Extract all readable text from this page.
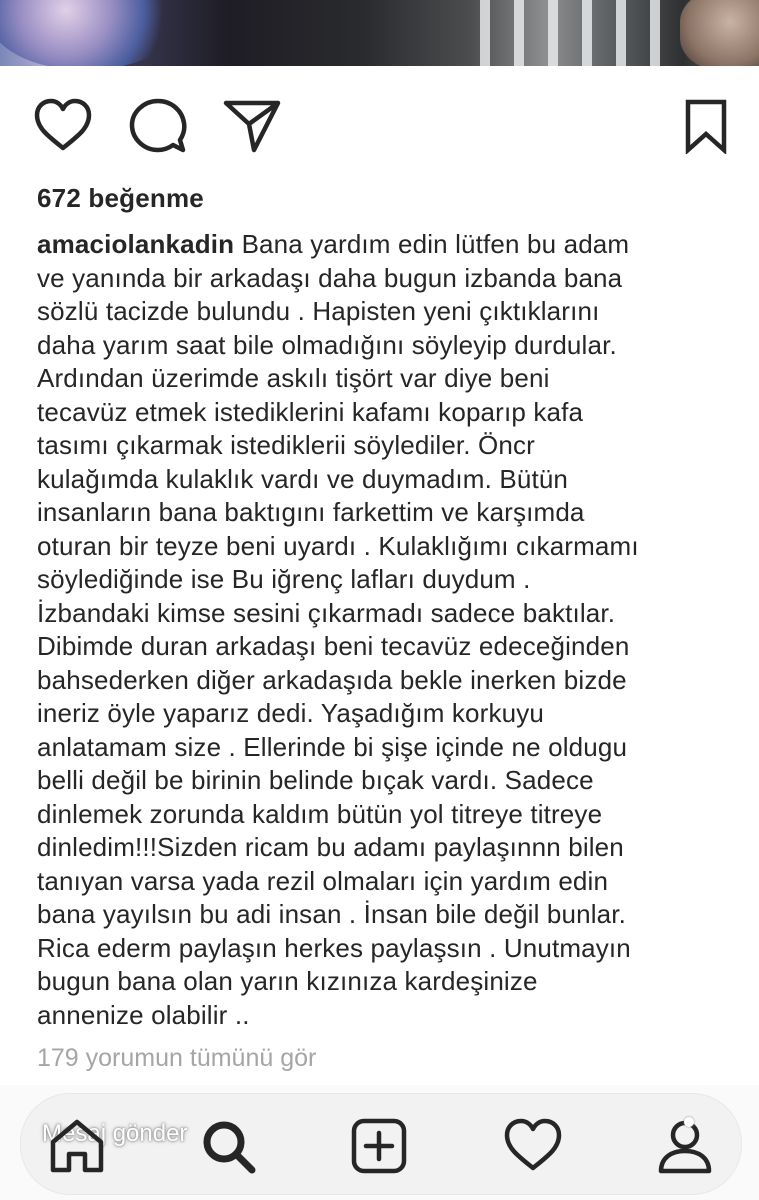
672 beğenme
amaciolankadin Bana yardım edin lütfen bu adam
ve yanında bir arkadaşı daha bugun izbanda bana
sözlü tacizde bulundu . Hapisten yeni çıktıklarını
daha yarım saat bile olmadığını söyleyip durdular.
Ardından üzerimde askılı tişört var diye beni
tecavüz etmek istediklerini kafamı koparıp kafa
tasımı çıkarmak istediklerii söylediler. Öncr
kulağımda kulaklık vardı ve duymadım. Bütün
insanların bana baktıgını farkettim ve karşımda
oturan bir teyze beni uyardı . Kulaklığımı cıkarmamı
söylediğinde ise Bu iğrenç lafları duydum .
İzbandaki kimse sesini çıkarmadı sadece baktılar.
Dibimde duran arkadaşı beni tecavüz edeceğinden
bahsederken diğer arkadaşıda bekle inerken bizde
ineriz öyle yaparız dedi. Yaşadığım korkuyu
anlatamam size . Ellerinde bi şişe içinde ne oldugu
belli değil be birinin belinde bıçak vardı. Sadece
dinlemek zorunda kaldım bütün yol titreye titreye
dinledim!!!Sizden ricam bu adamı paylaşınnn bilen
tanıyan varsa yada rezil olmaları için yardım edin
bana yayılsın bu adi insan . İnsan bile değil bunlar.
Rica ederm paylaşın herkes paylaşsın . Unutmayın
bugun bana olan yarın kızınıza kardeşinize
annenize olabilir ..
179 yorumun tümünü gör
Mesaj gönder
